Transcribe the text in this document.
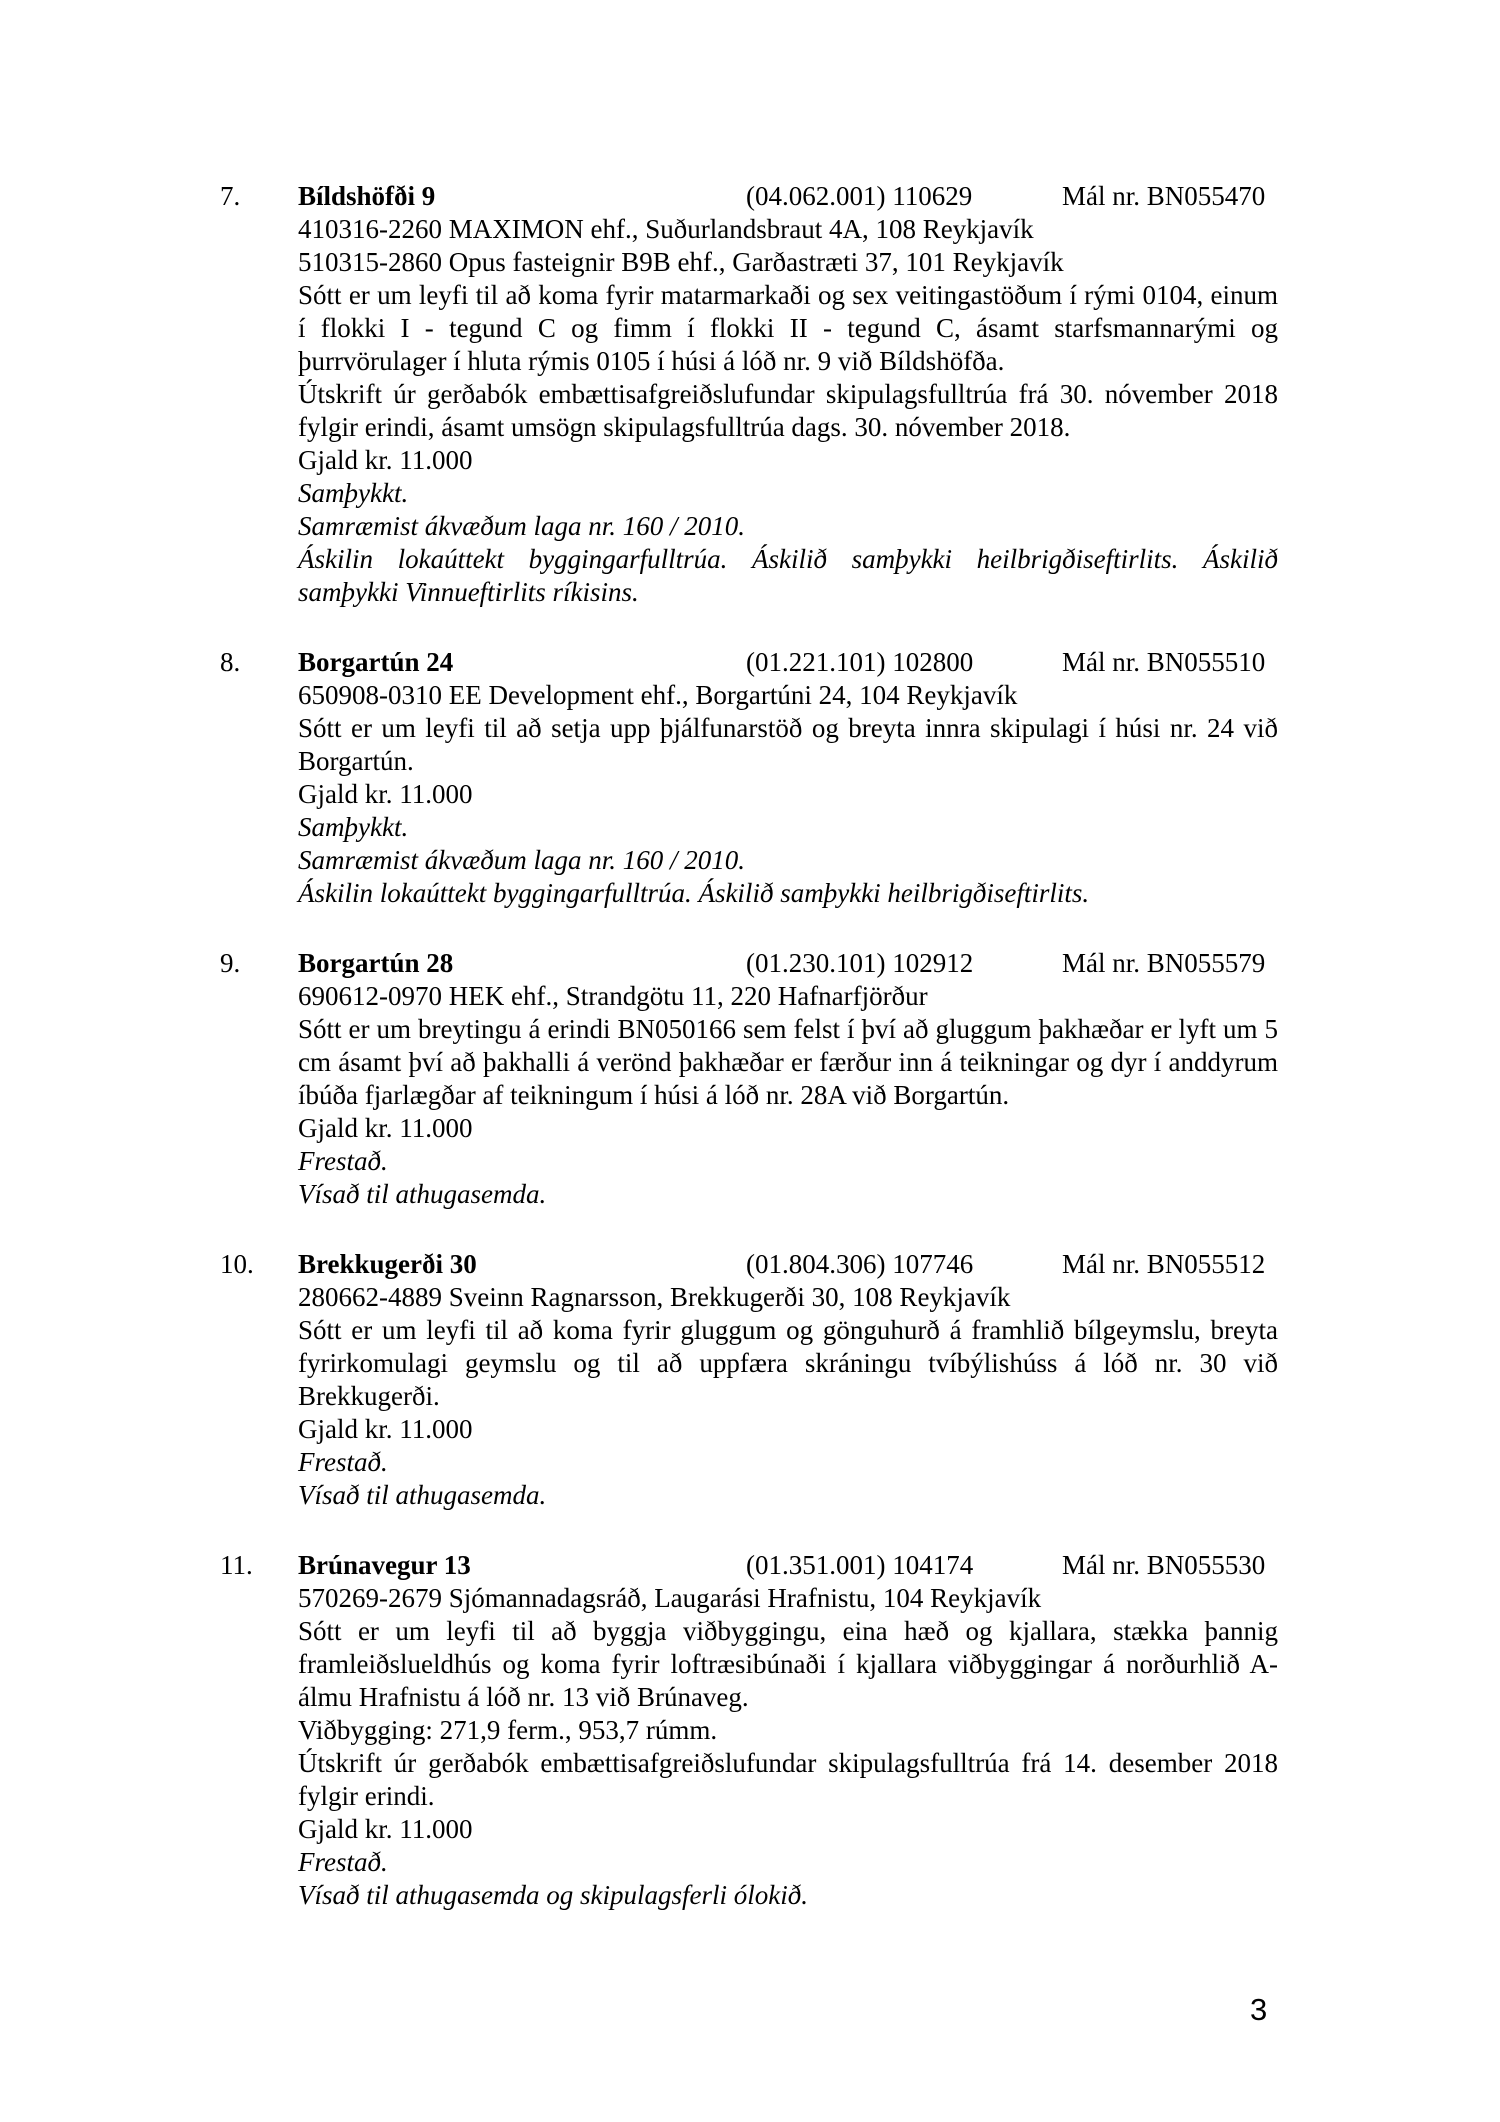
7.	Bíldshöfði 9	(04.062.001) 110629	Mál nr. BN055470

410316-2260 MAXIMON ehf., Suðurlandsbraut 4A, 108 Reykjavík

510315-2860 Opus fasteignir B9B ehf., Garðastræti 37, 101 Reykjavík

Sótt er um leyfi til að koma fyrir matarmarkaði og sex veitingastöðum í rými 0104, einum í flokki I - tegund C og fimm í flokki II - tegund C, ásamt starfsmannarými og þurrvörulager í hluta rýmis 0105 í húsi á lóð nr. 9 við Bíldshöfða.

Útskrift úr gerðabók embættisafgreiðslufundar skipulagsfulltrúa frá 30. nóvember 2018 fylgir erindi, ásamt umsögn skipulagsfulltrúa dags. 30. nóvember 2018.

Gjald kr. 11.000

Samþykkt.

Samræmist ákvæðum laga nr. 160 / 2010.

Áskilin lokaúttekt byggingarfulltrúa. Áskilið samþykki heilbrigðiseftirlits. Áskilið samþykki Vinnueftirlits ríkisins.

8.	Borgartún 24	(01.221.101) 102800	Mál nr. BN055510

650908-0310 EE Development ehf., Borgartúni 24, 104 Reykjavík

Sótt er um leyfi til að setja upp þjálfunarstöð og breyta innra skipulagi í húsi nr. 24 við Borgartún.

Gjald kr. 11.000

Samþykkt.

Samræmist ákvæðum laga nr. 160 / 2010.

Áskilin lokaúttekt byggingarfulltrúa. Áskilið samþykki heilbrigðiseftirlits.

9.	Borgartún 28	(01.230.101) 102912	Mál nr. BN055579

690612-0970 HEK ehf., Strandgötu 11, 220 Hafnarfjörður

Sótt er um breytingu á erindi BN050166 sem felst í því að gluggum þakhæðar er lyft um 5 cm ásamt því að þakhalli á verönd þakhæðar er færður inn á teikningar og dyr í anddyrum íbúða fjarlægðar af teikningum í húsi á lóð nr. 28A við Borgartún.

Gjald kr. 11.000

Frestað.

Vísað til athugasemda.

10.	Brekkugerði 30	(01.804.306) 107746	Mál nr. BN055512

280662-4889 Sveinn Ragnarsson, Brekkugerði 30, 108 Reykjavík

Sótt er um leyfi til að koma fyrir gluggum og gönguhurð á framhlið bílgeymslu, breyta fyrirkomulagi geymslu og til að uppfæra skráningu tvíbýlishúss á lóð nr. 30 við Brekkugerði.

Gjald kr. 11.000

Frestað.

Vísað til athugasemda.

11.	Brúnavegur 13	(01.351.001) 104174	Mál nr. BN055530

570269-2679 Sjómannadagsráð, Laugarási Hrafnistu, 104 Reykjavík

Sótt er um leyfi til að byggja viðbyggingu, eina hæð og kjallara, stækka þannig framleiðslueldhús og koma fyrir loftræsibúnaði í kjallara viðbyggingar á norðurhlið A-álmu Hrafnistu á lóð nr. 13 við Brúnaveg.

Viðbygging: 271,9 ferm., 953,7 rúmm.

Útskrift úr gerðabók embættisafgreiðslufundar skipulagsfulltrúa frá 14. desember 2018 fylgir erindi.

Gjald kr. 11.000

Frestað.

Vísað til athugasemda og skipulagsferli ólokið.

3
